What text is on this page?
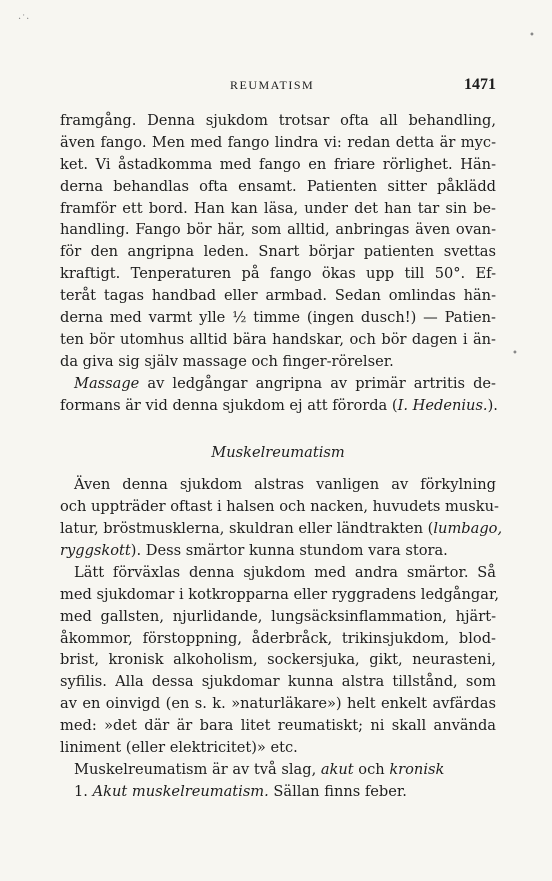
REUMATISM	1471
framgång. Denna sjukdom trotsar ofta all behandling,
även fango. Men med fango lindra vi: redan detta är myc-
ket. Vi åstadkomma med fango en friare rörlighet. Hän-
derna behandlas ofta ensamt. Patienten sitter påklädd
framför ett bord. Han kan läsa, under det han tar sin be-
handling. Fango bör här, som alltid, anbringas även ovan-
för den angripna leden. Snart börjar patienten svettas
kraftigt. Tenperaturen på fango ökas upp till 50°. Ef-
teråt tagas handbad eller armbad. Sedan omlindas hän-
derna med varmt ylle ½ timme (ingen dusch!) — Patien-
ten bör utomhus alltid bära handskar, och bör dagen i än-
da giva sig själv massage och finger-rörelser.
Massage av ledgångar angripna av primär artritis de-
formans är vid denna sjukdom ej att förorda (I. Hedenius.).
Muskelreumatism
Även denna sjukdom alstras vanligen av förkylning
och uppträder oftast i halsen och nacken, huvudets musku-
latur, bröstmusklerna, skuldran eller ländtrakten (lumbago,
ryggskott). Dess smärtor kunna stundom vara stora.
Lätt förväxlas denna sjukdom med andra smärtor. Så
med sjukdomar i kotkropparna eller ryggradens ledgångar,
med gallsten, njurlidande, lungsäcksinflammation, hjärt-
åkommor, förstoppning, åderbråck, trikinsjukdom, blod-
brist, kronisk alkoholism, sockersjuka, gikt, neurasteni,
syfilis. Alla dessa sjukdomar kunna alstra tillstånd, som
av en oinvigd (en s. k. »naturläkare») helt enkelt avfärdas
med: »det där är bara litet reumatiskt; ni skall använda
liniment (eller elektricitet)» etc.
Muskelreumatism är av två slag, akut och kronisk
1. Akut muskelreumatism. Sällan finns feber.
·˙·
•
•
